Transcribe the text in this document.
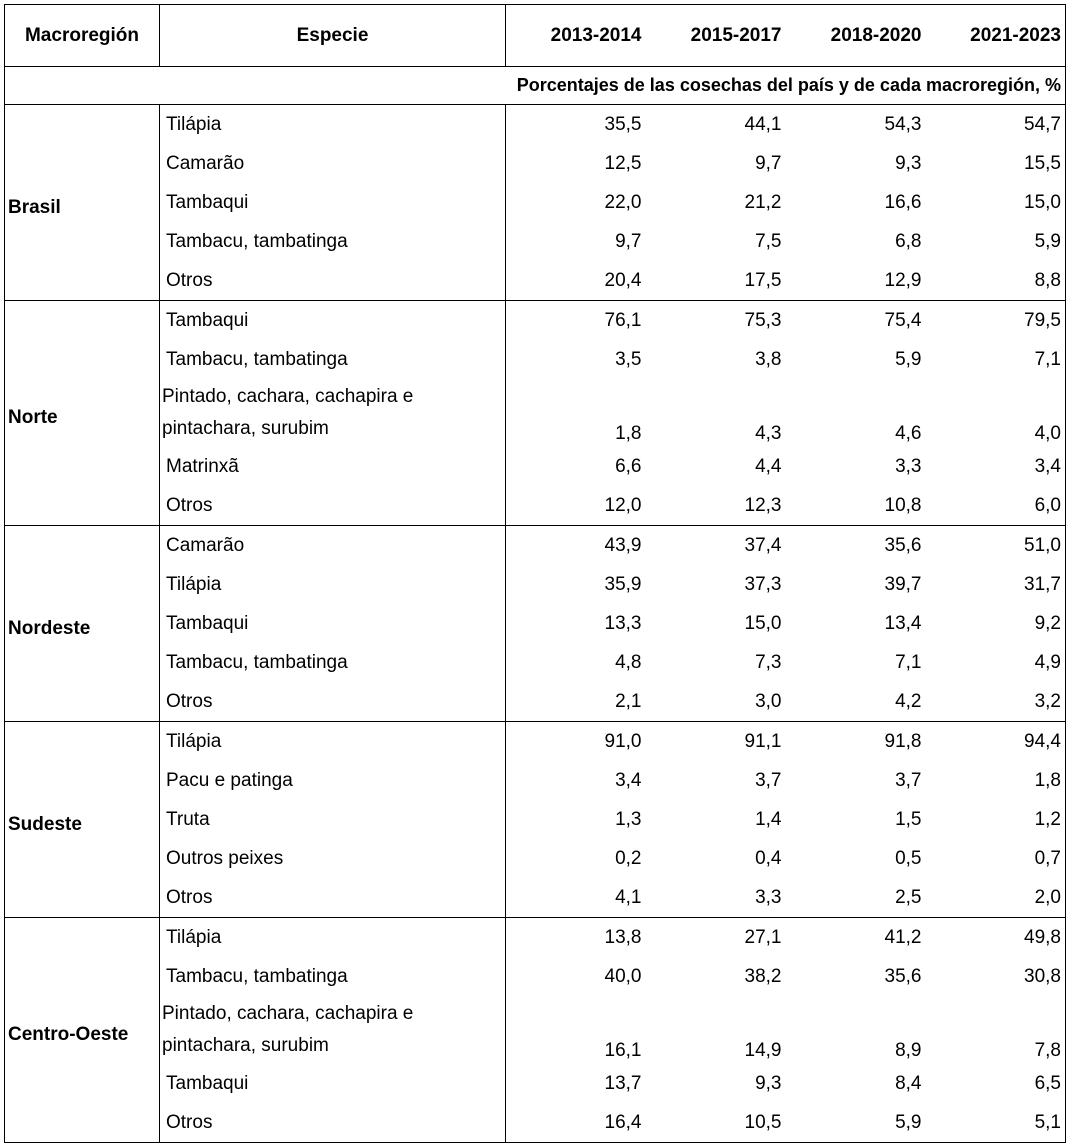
Macroregión	Especie	2013-2014	2015-2017	2018-2020	2021-2023
		Porcentajes de las cosechas del país y de cada macroregión, %			
Brasil	Tilápia	35,5	44,1	54,3	54,7
	Camarão	12,5	9,7	9,3	15,5
	Tambaqui	22,0	21,2	16,6	15,0
	Tambacu, tambatinga	9,7	7,5	6,8	5,9
	Otros	20,4	17,5	12,9	8,8
Norte	Tambaqui	76,1	75,3	75,4	79,5
	Tambacu, tambatinga	3,5	3,8	5,9	7,1
	Pintado, cachara, cachapira e pintachara, surubim	1,8	4,3	4,6	4,0
	Matrinxã	6,6	4,4	3,3	3,4
	Otros	12,0	12,3	10,8	6,0
Nordeste	Camarão	43,9	37,4	35,6	51,0
	Tilápia	35,9	37,3	39,7	31,7
	Tambaqui	13,3	15,0	13,4	9,2
	Tambacu, tambatinga	4,8	7,3	7,1	4,9
	Otros	2,1	3,0	4,2	3,2
Sudeste	Tilápia	91,0	91,1	91,8	94,4
	Pacu e patinga	3,4	3,7	3,7	1,8
	Truta	1,3	1,4	1,5	1,2
	Outros peixes	0,2	0,4	0,5	0,7
	Otros	4,1	3,3	2,5	2,0
Centro-Oeste	Tilápia	13,8	27,1	41,2	49,8
	Tambacu, tambatinga	40,0	38,2	35,6	30,8
	Pintado, cachara, cachapira e pintachara, surubim	16,1	14,9	8,9	7,8
	Tambaqui	13,7	9,3	8,4	6,5
	Otros	16,4	10,5	5,9	5,1
